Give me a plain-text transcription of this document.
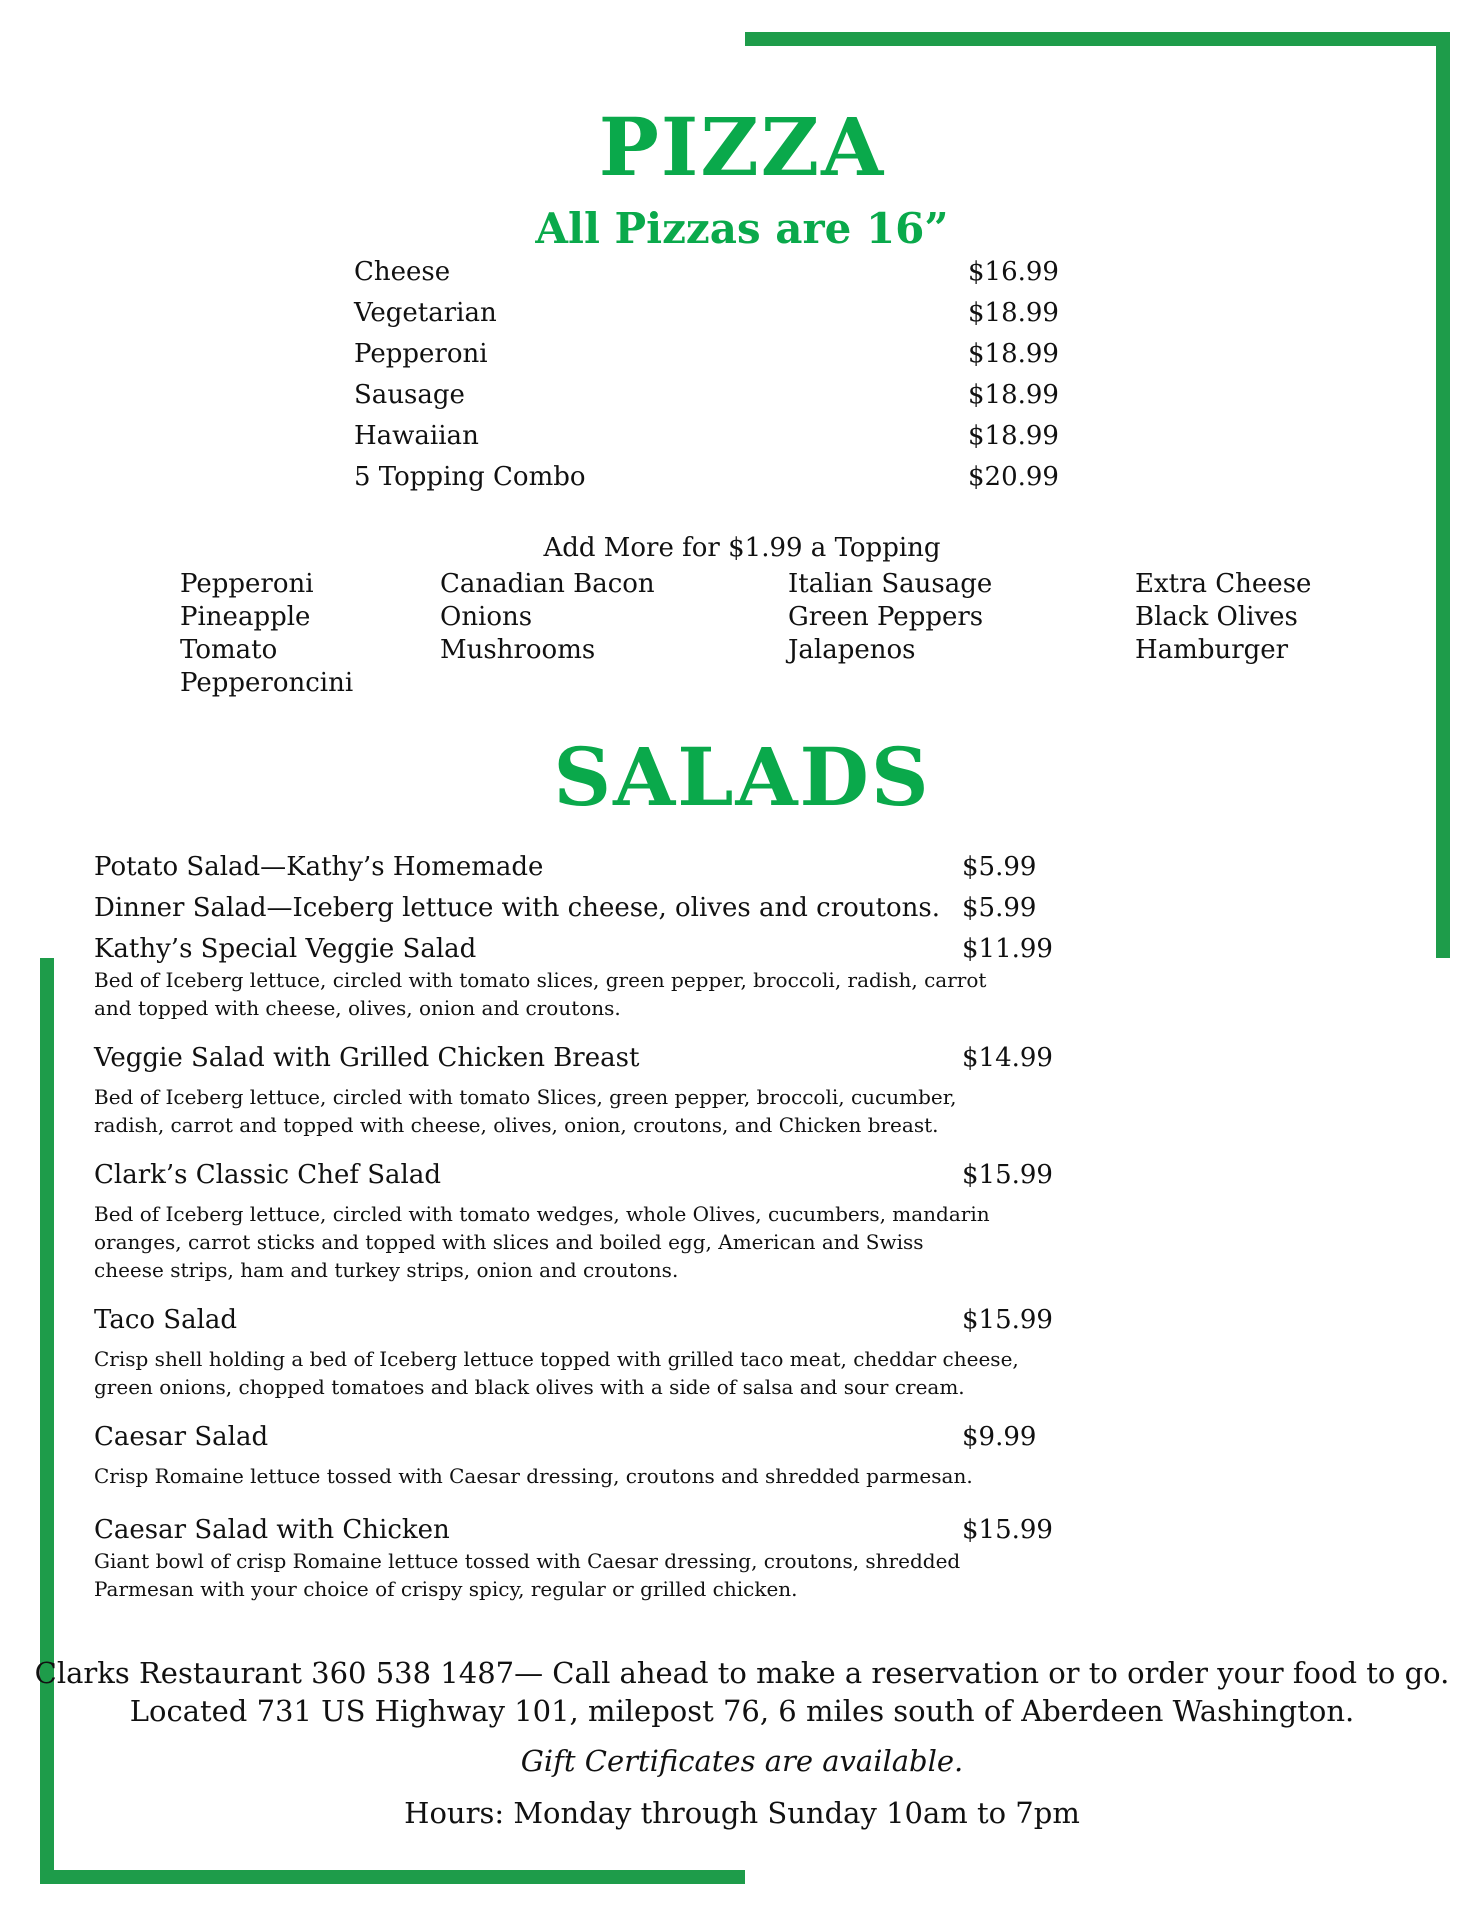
PIZZA
All Pizzas are 16”
Cheese	$16.99
Vegetarian	$18.99
Pepperoni	$18.99
Sausage	$18.99
Hawaiian	$18.99
5 Topping Combo	$20.99
Add More for $1.99 a Topping
Pepperoni
Pineapple
Tomato
Pepperoncini
Canadian Bacon
Onions
Mushrooms
Italian Sausage
Green Peppers
Jalapenos
Extra Cheese
Black Olives
Hamburger
SALADS
Potato Salad—Kathy’s Homemade	$5.99
Dinner Salad—Iceberg lettuce with cheese, olives and croutons. $5.99
Kathy’s Special Veggie Salad	$11.99
Bed of Iceberg lettuce, circled with tomato slices, green pepper, broccoli, radish, carrot and topped with cheese, olives, onion and croutons.
Veggie Salad with Grilled Chicken Breast	$14.99
Bed of Iceberg lettuce, circled with tomato Slices, green pepper, broccoli, cucumber, radish, carrot and topped with cheese, olives, onion, croutons, and Chicken breast.
Clark’s Classic Chef Salad	$15.99
Bed of Iceberg lettuce, circled with tomato wedges, whole Olives, cucumbers, mandarin oranges, carrot sticks and topped with slices and boiled egg, American and Swiss cheese strips, ham and turkey strips, onion and croutons.
Taco Salad	$15.99
Crisp shell holding a bed of Iceberg lettuce topped with grilled taco meat, cheddar cheese, green onions, chopped tomatoes and black olives with a side of salsa and sour cream.
Caesar Salad	$9.99
Crisp Romaine lettuce tossed with Caesar dressing, croutons and shredded parmesan.
Caesar Salad with Chicken	$15.99
Giant bowl of crisp Romaine lettuce tossed with Caesar dressing, croutons, shredded Parmesan with your choice of crispy spicy, regular or grilled chicken.
Clarks Restaurant 360 538 1487— Call ahead to make a reservation or to order your food to go.
Located 731 US Highway 101, milepost 76, 6 miles south of Aberdeen Washington.
Gift Certificates are available.
Hours: Monday through Sunday 10am to 7pm
